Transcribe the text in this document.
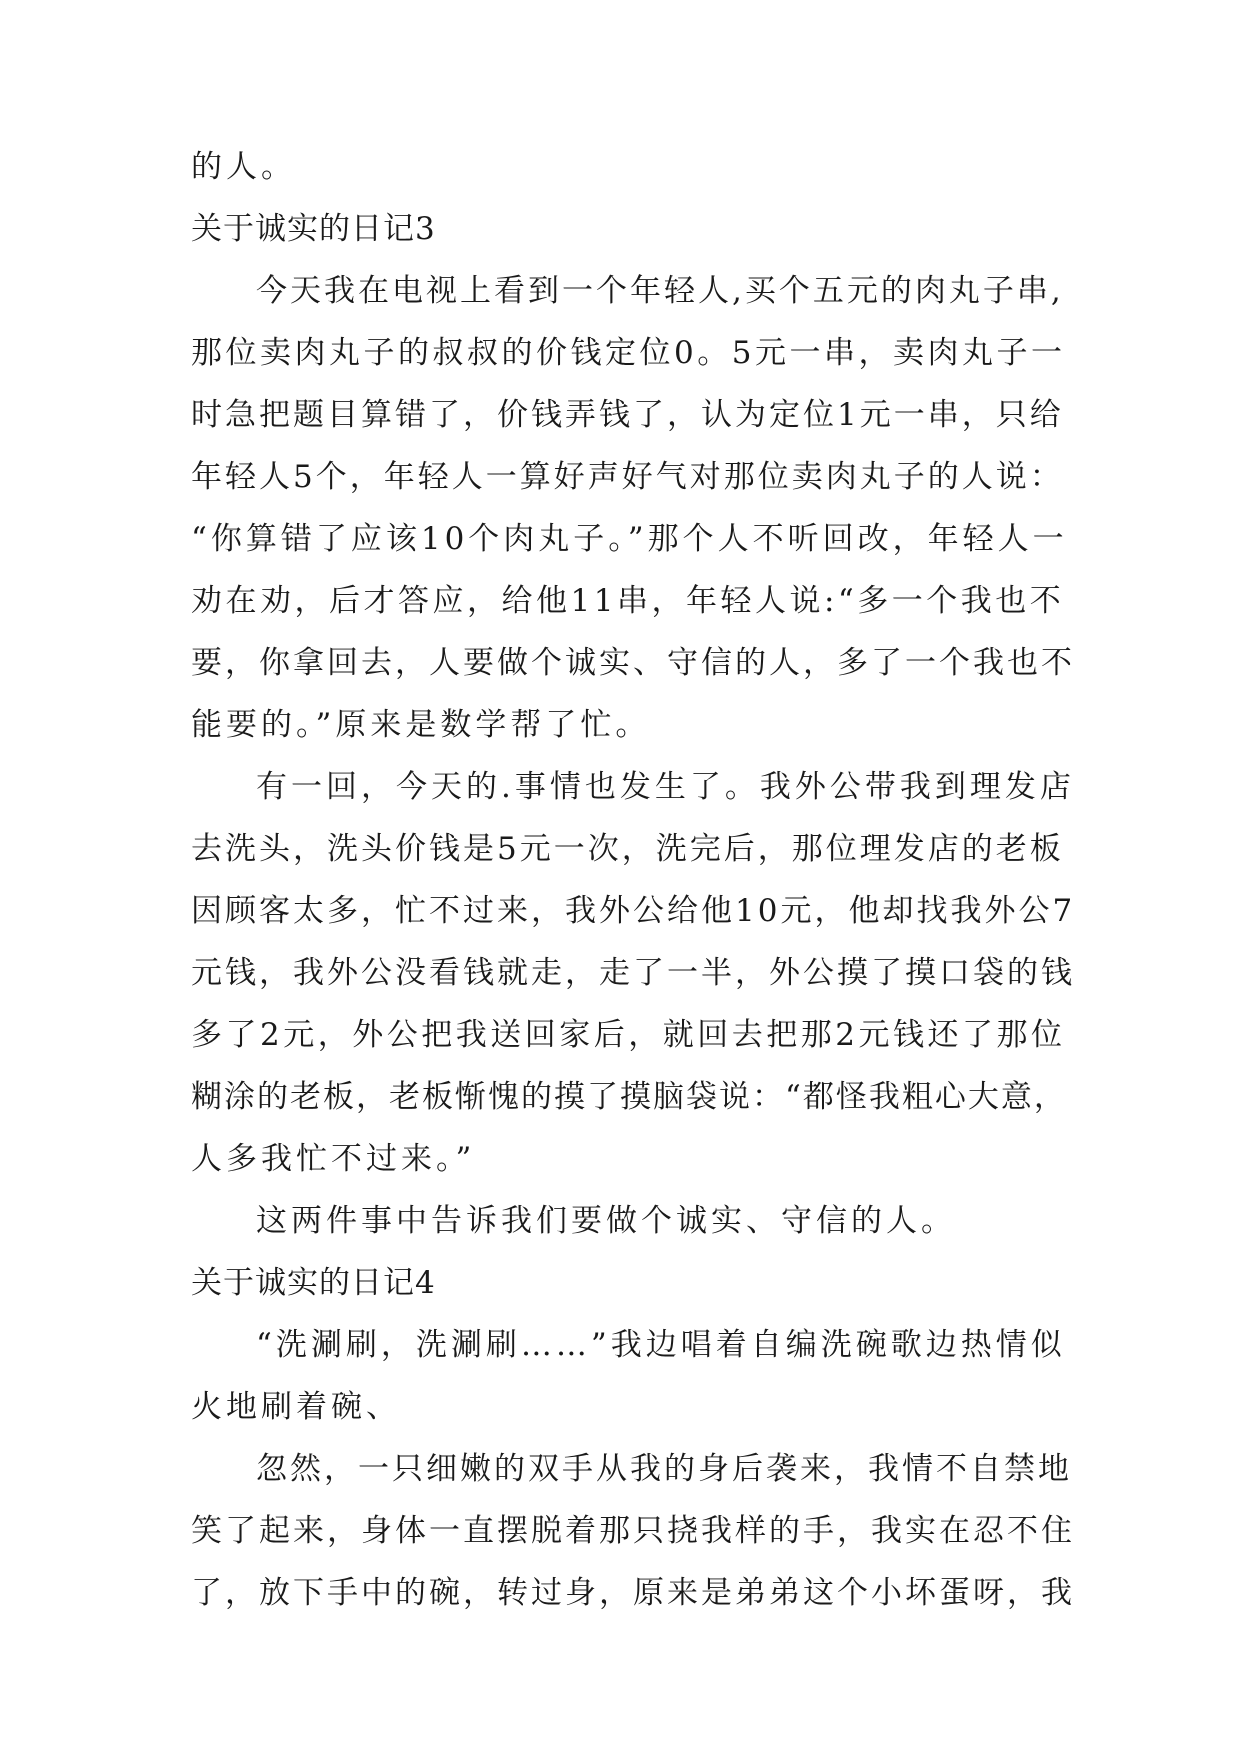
的人。
关于诚实的日记3
今天我在电视上看到一个年轻人,买个五元的肉丸子串,
那位卖肉丸子的叔叔的价钱定位0。5元一串，卖肉丸子一
时急把题目算错了，价钱弄钱了，认为定位1元一串，只给
年轻人5个，年轻人一算好声好气对那位卖肉丸子的人说：
“你算错了应该10个肉丸子。”那个人不听回改，年轻人一
劝在劝，后才答应，给他11串，年轻人说:“多一个我也不
要，你拿回去，人要做个诚实、守信的人，多了一个我也不
能要的。”原来是数学帮了忙。
有一回，今天的.事情也发生了。我外公带我到理发店
去洗头，洗头价钱是5元一次，洗完后，那位理发店的老板
因顾客太多，忙不过来，我外公给他10元，他却找我外公7
元钱，我外公没看钱就走，走了一半，外公摸了摸口袋的钱
多了2元，外公把我送回家后，就回去把那2元钱还了那位
糊涂的老板，老板惭愧的摸了摸脑袋说：“都怪我粗心大意，
人多我忙不过来。”
这两件事中告诉我们要做个诚实、守信的人。
关于诚实的日记4
“洗涮刷，洗涮刷……”我边唱着自编洗碗歌边热情似
火地刷着碗、
忽然，一只细嫩的双手从我的身后袭来，我情不自禁地
笑了起来，身体一直摆脱着那只挠我样的手，我实在忍不住
了，放下手中的碗，转过身，原来是弟弟这个小坏蛋呀，我
